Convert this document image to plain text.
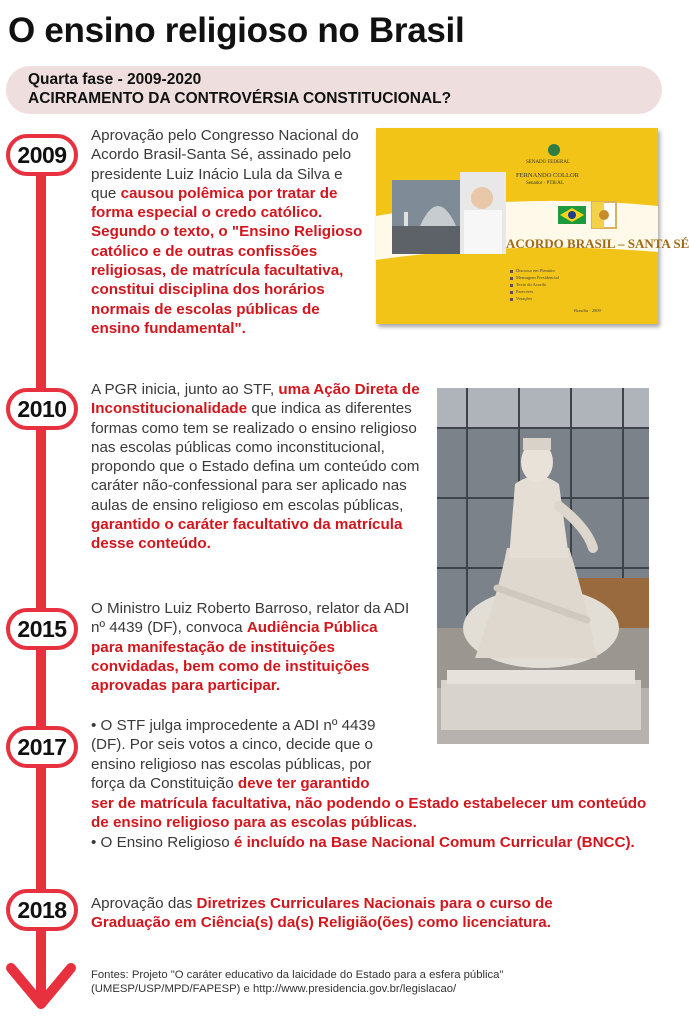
O ensino religioso no Brasil
Quarta fase - 2009-2020
ACIRRAMENTO DA CONTROVÉRSIA CONSTITUCIONAL?
2009
Aprovação pelo Congresso Nacional do Acordo Brasil-Santa Sé, assinado pelo presidente Luiz Inácio Lula da Silva e que causou polêmica por tratar de forma especial o credo católico. Segundo o texto, o "Ensino Religioso católico e de outras confissões religiosas, de matrícula facultativa, constitui disciplina dos horários normais de escolas públicas de ensino fundamental".
SENADO FEDERAL
FERNANDO COLLOR
Senador · PTB/AL
ACORDO BRASIL – SANTA SÉ
Discurso em Plenário
Mensagem Presidencial
Texto do Acordo
Pareceres
Votações
Brasília · 2009
2010
A PGR inicia, junto ao STF, uma Ação Direta de Inconstitucionalidade que indica as diferentes formas como tem se realizado o ensino religioso nas escolas públicas como inconstitucional, propondo que o Estado defina um conteúdo com caráter não-confessional para ser aplicado nas aulas de ensino religioso em escolas públicas, garantido o caráter facultativo da matrícula desse conteúdo.
2015
O Ministro Luiz Roberto Barroso, relator da ADI nº 4439 (DF), convoca Audiência Pública para manifestação de instituições convidadas, bem como de instituições aprovadas para participar.
2017
• O STF julga improcedente a ADI nº 4439 (DF). Por seis votos a cinco, decide que o ensino religioso nas escolas públicas, por força da Constituição deve ter garantido
ser de matrícula facultativa, não podendo o Estado estabelecer um conteúdo de ensino religioso para as escolas públicas.
• O Ensino Religioso é incluído na Base Nacional Comum Curricular (BNCC).
2018	Aprovação das Diretrizes Curriculares Nacionais para o curso de Graduação em Ciência(s) da(s) Religião(ões) como licenciatura.
Fontes: Projeto "O caráter educativo da laicidade do Estado para a esfera pública" (UMESP/USP/MPD/FAPESP) e http://www.presidencia.gov.br/legislacao/
